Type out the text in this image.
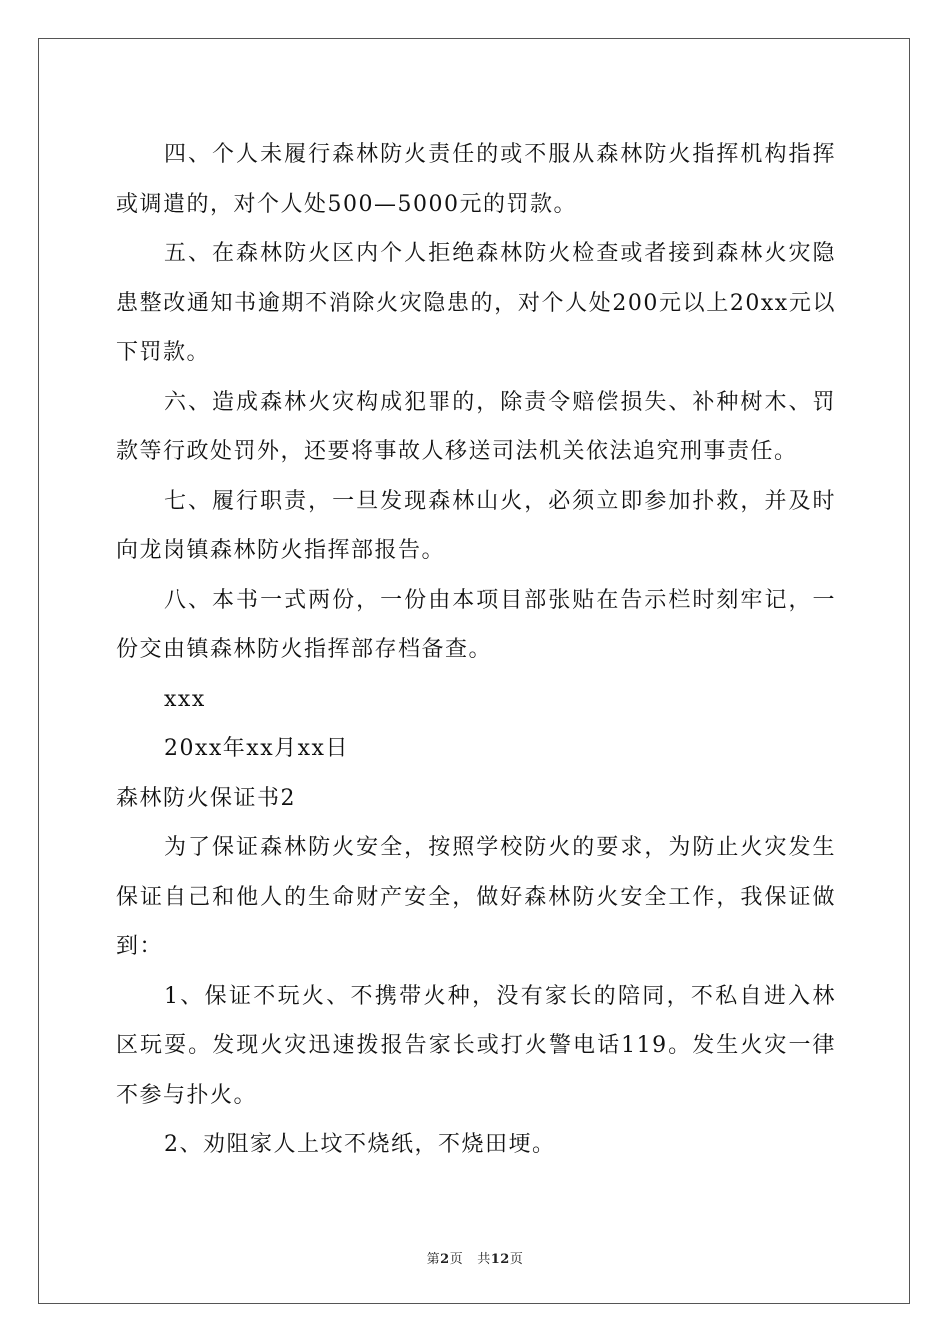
四、个人未履行森林防火责任的或不服从森林防火指挥机构指挥或调遣的，对个人处500—5000元的罚款。

五、在森林防火区内个人拒绝森林防火检查或者接到森林火灾隐患整改通知书逾期不消除火灾隐患的，对个人处200元以上20xx元以下罚款。

六、造成森林火灾构成犯罪的，除责令赔偿损失、补种树木、罚款等行政处罚外，还要将事故人移送司法机关依法追究刑事责任。

七、履行职责，一旦发现森林山火，必须立即参加扑救，并及时向龙岗镇森林防火指挥部报告。

八、本书一式两份，一份由本项目部张贴在告示栏时刻牢记，一份交由镇森林防火指挥部存档备查。

xxx

20xx年xx月xx日

森林防火保证书2

为了保证森林防火安全，按照学校防火的要求，为防止火灾发生保证自己和他人的生命财产安全，做好森林防火安全工作，我保证做到：

1、保证不玩火、不携带火种，没有家长的陪同，不私自进入林区玩耍。发现火灾迅速拨报告家长或打火警电话119。发生火灾一律不参与扑火。

2、劝阻家人上坟不烧纸，不烧田埂。

第2页 共12页
